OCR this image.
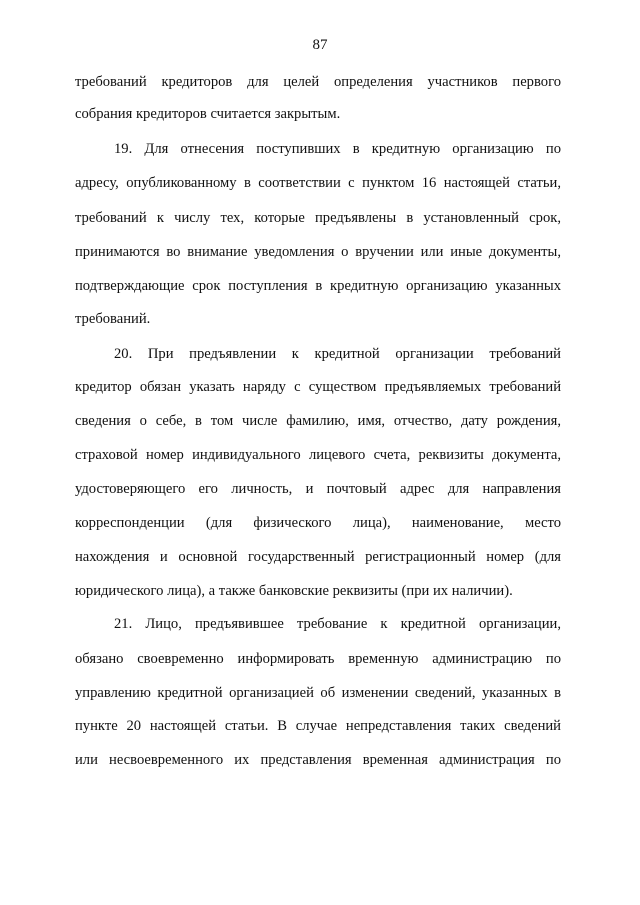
87
требований кредиторов для целей определения участников первого
собрания кредиторов считается закрытым.
19. Для отнесения поступивших в кредитную организацию по
адресу, опубликованному в соответствии с пунктом 16 настоящей статьи,
требований к числу тех, которые предъявлены в установленный срок,
принимаются во внимание уведомления о вручении или иные документы,
подтверждающие срок поступления в кредитную организацию указанных
требований.
20. При предъявлении к кредитной организации требований
кредитор обязан указать наряду с существом предъявляемых требований
сведения о себе, в том числе фамилию, имя, отчество, дату рождения,
страховой номер индивидуального лицевого счета, реквизиты документа,
удостоверяющего его личность, и почтовый адрес для направления
корреспонденции (для физического лица), наименование, место
нахождения и основной государственный регистрационный номер (для
юридического лица), а также банковские реквизиты (при их наличии).
21. Лицо, предъявившее требование к кредитной организации,
обязано своевременно информировать временную администрацию по
управлению кредитной организацией об изменении сведений, указанных в
пункте 20 настоящей статьи. В случае непредставления таких сведений
или несвоевременного их представления временная администрация по
